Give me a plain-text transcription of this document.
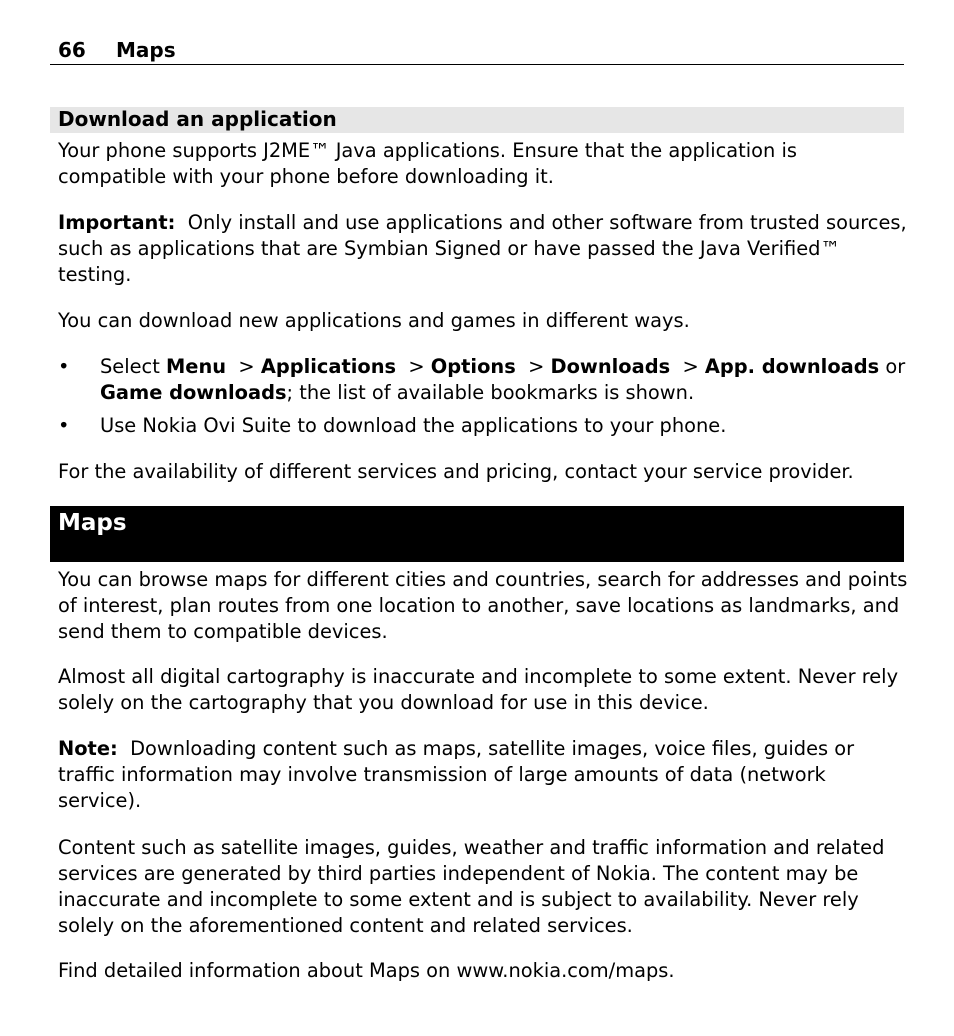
66 Maps
Download an application
Your phone supports J2ME™ Java applications. Ensure that the application is compatible with your phone before downloading it.
Important: Only install and use applications and other software from trusted sources, such as applications that are Symbian Signed or have passed the Java Verified™ testing.
You can download new applications and games in different ways.
• Select Menu > Applications > Options > Downloads > App. downloads or Game downloads; the list of available bookmarks is shown.
• Use Nokia Ovi Suite to download the applications to your phone.
For the availability of different services and pricing, contact your service provider.
Maps
You can browse maps for different cities and countries, search for addresses and points of interest, plan routes from one location to another, save locations as landmarks, and send them to compatible devices.
Almost all digital cartography is inaccurate and incomplete to some extent. Never rely solely on the cartography that you download for use in this device.
Note: Downloading content such as maps, satellite images, voice files, guides or traffic information may involve transmission of large amounts of data (network service).
Content such as satellite images, guides, weather and traffic information and related services are generated by third parties independent of Nokia. The content may be inaccurate and incomplete to some extent and is subject to availability. Never rely solely on the aforementioned content and related services.
Find detailed information about Maps on www.nokia.com/maps.
